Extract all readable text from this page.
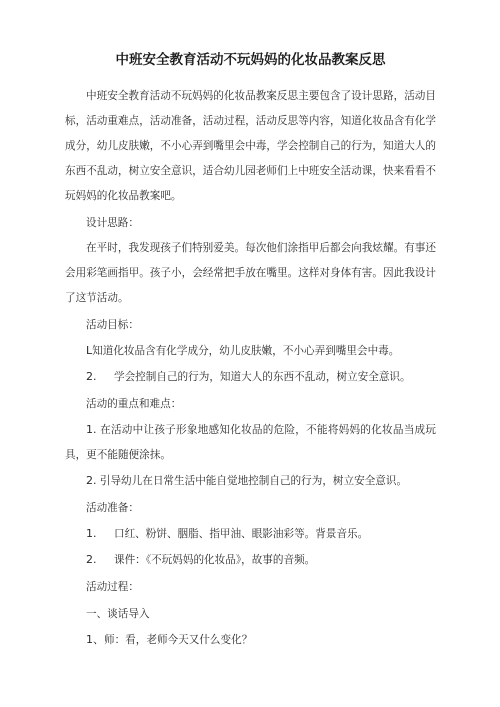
中班安全教育活动不玩妈妈的化妆品教案反思

中班安全教育活动不玩妈妈的化妆品教案反思主要包含了设计思路，活动目标，活动重难点，活动准备，活动过程，活动反思等内容，知道化妆品含有化学成分，幼儿皮肤嫩，不小心弄到嘴里会中毒，学会控制自己的行为，知道大人的东西不乱动，树立安全意识，适合幼儿园老师们上中班安全活动课，快来看看不玩妈妈的化妆品教案吧。

设计思路：

在平时，我发现孩子们特别爱美。每次他们涂指甲后都会向我炫耀。有事还会用彩笔画指甲。孩子小，会经常把手放在嘴里。这样对身体有害。因此我设计了这节活动。

活动目标：

L知道化妆品含有化学成分，幼儿皮肤嫩，不小心弄到嘴里会中毒。

2. 学会控制自己的行为，知道大人的东西不乱动，树立安全意识。

活动的重点和难点：

1. 在活动中让孩子形象地感知化妆品的危险，不能将妈妈的化妆品当成玩具，更不能随便涂抹。

2. 引导幼儿在日常生活中能自觉地控制自己的行为，树立安全意识。

活动准备：

1. 口红、粉饼、胭脂、指甲油、眼影油彩等。背景音乐。

2. 课件：《不玩妈妈的化妆品》，故事的音频。

活动过程：

一、谈话导入

1、师：看，老师今天又什么变化？
